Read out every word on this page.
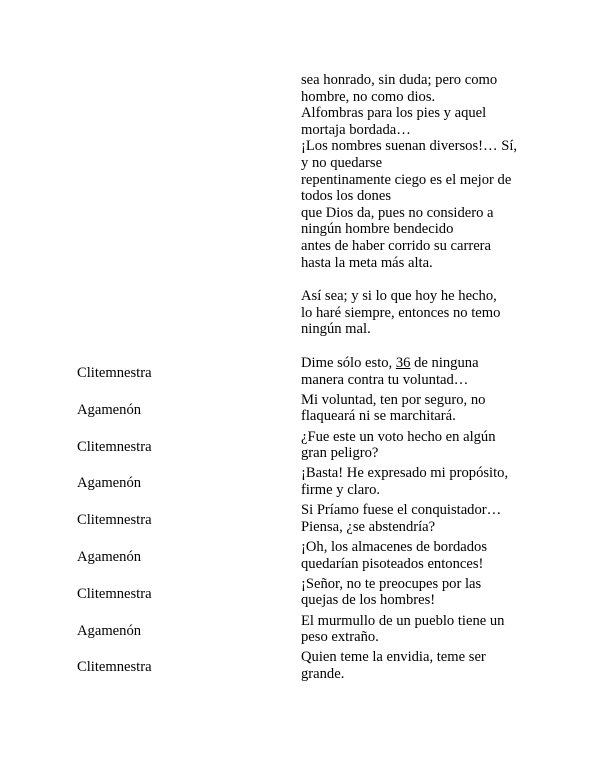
sea honrado, sin duda; pero como
hombre, no como dios.
Alfombras para los pies y aquel
mortaja bordada…
¡Los nombres suenan diversos!… Sí,
y no quedarse
repentinamente ciego es el mejor de
todos los dones
que Dios da, pues no considero a
ningún hombre bendecido
antes de haber corrido su carrera
hasta la meta más alta.
Así sea; y si lo que hoy he hecho,
lo haré siempre, entonces no temo
ningún mal.
Clitemnestra
Dime sólo esto, 36 de ninguna
manera contra tu voluntad…
Agamenón
Mi voluntad, ten por seguro, no
flaqueará ni se marchitará.
Clitemnestra
¿Fue este un voto hecho en algún
gran peligro?
Agamenón
¡Basta! He expresado mi propósito,
firme y claro.
Clitemnestra
Si Príamo fuese el conquistador…
Piensa, ¿se abstendría?
Agamenón
¡Oh, los almacenes de bordados
quedarían pisoteados entonces!
Clitemnestra
¡Señor, no te preocupes por las
quejas de los hombres!
Agamenón
El murmullo de un pueblo tiene un
peso extraño.
Clitemnestra
Quien teme la envidia, teme ser
grande.
